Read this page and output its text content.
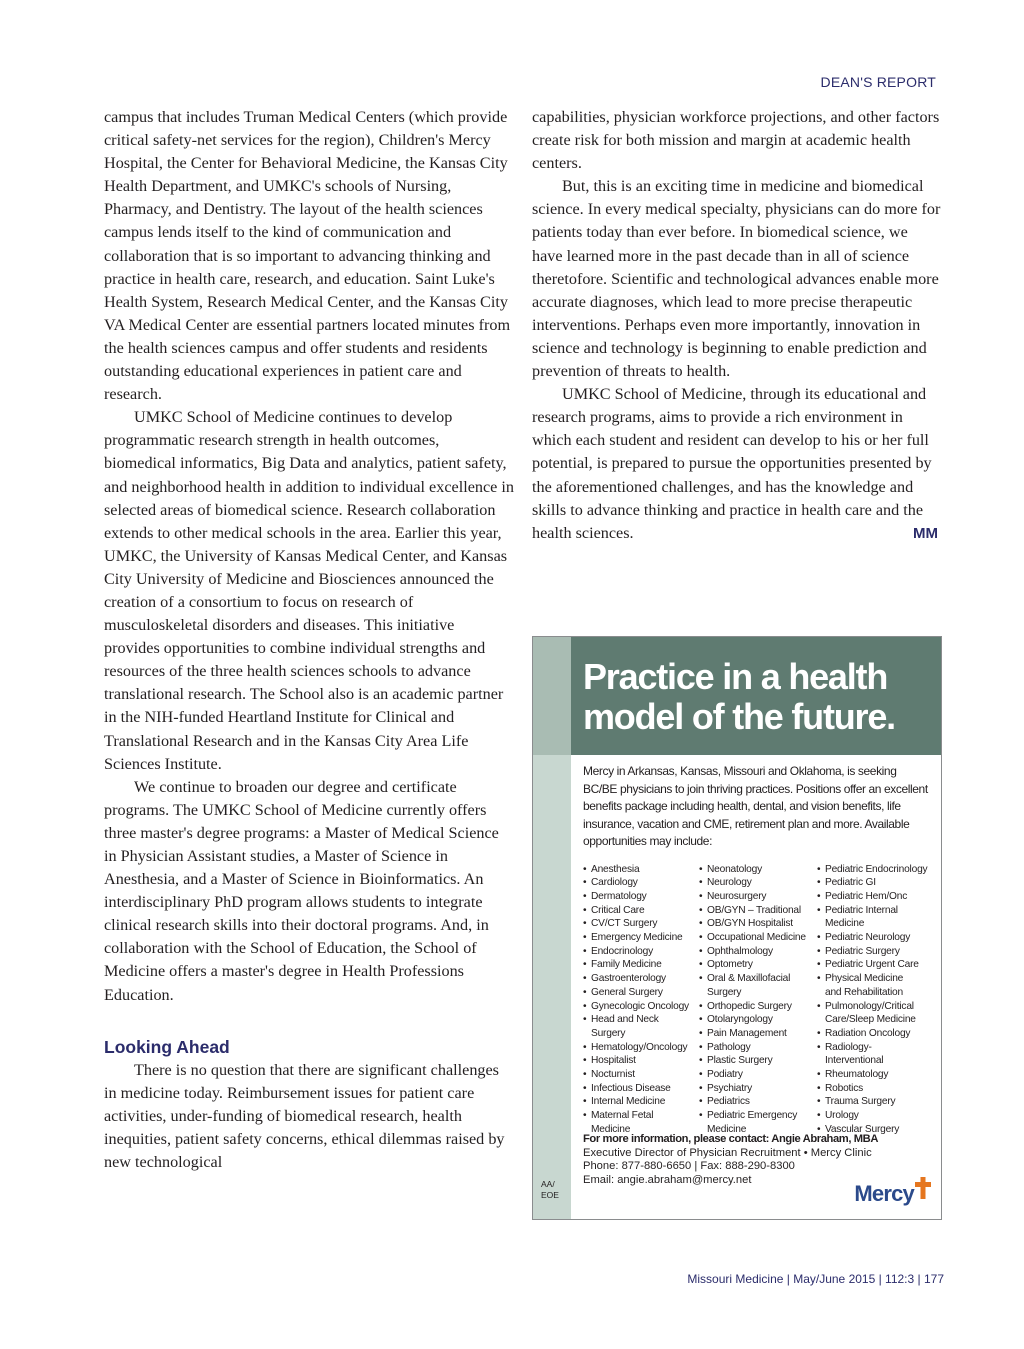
DEAN'S REPORT

campus that includes Truman Medical Centers (which provide critical safety-net services for the region), Children's Mercy Hospital, the Center for Behavioral Medicine, the Kansas City Health Department, and UMKC's schools of Nursing, Pharmacy, and Dentistry. The layout of the health sciences campus lends itself to the kind of communication and collaboration that is so important to advancing thinking and practice in health care, research, and education. Saint Luke's Health System, Research Medical Center, and the Kansas City VA Medical Center are essential partners located minutes from the health sciences campus and offer students and residents outstanding educational experiences in patient care and research.

UMKC School of Medicine continues to develop programmatic research strength in health outcomes, biomedical informatics, Big Data and analytics, patient safety, and neighborhood health in addition to individual excellence in selected areas of biomedical science. Research collaboration extends to other medical schools in the area. Earlier this year, UMKC, the University of Kansas Medical Center, and Kansas City University of Medicine and Biosciences announced the creation of a consortium to focus on research of musculoskeletal disorders and diseases. This initiative provides opportunities to combine individual strengths and resources of the three health sciences schools to advance translational research. The School also is an academic partner in the NIH-funded Heartland Institute for Clinical and Translational Research and in the Kansas City Area Life Sciences Institute.

We continue to broaden our degree and certificate programs. The UMKC School of Medicine currently offers three master's degree programs: a Master of Medical Science in Physician Assistant studies, a Master of Science in Anesthesia, and a Master of Science in Bioinformatics. An interdisciplinary PhD program allows students to integrate clinical research skills into their doctoral programs. And, in collaboration with the School of Education, the School of Medicine offers a master's degree in Health Professions Education.

Looking Ahead

There is no question that there are significant challenges in medicine today. Reimbursement issues for patient care activities, under-funding of biomedical research, health inequities, patient safety concerns, ethical dilemmas raised by new technological

capabilities, physician workforce projections, and other factors create risk for both mission and margin at academic health centers.

But, this is an exciting time in medicine and biomedical science. In every medical specialty, physicians can do more for patients today than ever before. In biomedical science, we have learned more in the past decade than in all of science theretofore. Scientific and technological advances enable more accurate diagnoses, which lead to more precise therapeutic interventions. Perhaps even more importantly, innovation in science and technology is beginning to enable prediction and prevention of threats to health.

UMKC School of Medicine, through its educational and research programs, aims to provide a rich environment in which each student and resident can develop to his or her full potential, is prepared to pursue the opportunities presented by the aforementioned challenges, and has the knowledge and skills to advance thinking and practice in health care and the health sciences.	MM

Practice in a health
model of the future.

Mercy in Arkansas, Kansas, Missouri and Oklahoma, is seeking BC/BE physicians to join thriving practices. Positions offer an excellent benefits package including health, dental, and vision benefits, life insurance, vacation and CME, retirement plan and more. Available opportunities may include:

• Anesthesia
• Cardiology
• Dermatology
• Critical Care
• CV/CT Surgery
• Emergency Medicine
• Endocrinology
• Family Medicine
• Gastroenterology
• General Surgery
• Gynecologic Oncology
• Head and Neck
Surgery
• Hematology/Oncology
• Hospitalist
• Nocturnist
• Infectious Disease
• Internal Medicine
• Maternal Fetal
Medicine
• Neonatology
• Neurology
• Neurosurgery
• OB/GYN – Traditional
• OB/GYN Hospitalist
• Occupational Medicine
• Ophthalmology
• Optometry
• Oral & Maxillofacial
Surgery
• Orthopedic Surgery
• Otolaryngology
• Pain Management
• Pathology
• Plastic Surgery
• Podiatry
• Psychiatry
• Pediatrics
• Pediatric Emergency
Medicine
• Pediatric Endocrinology
• Pediatric GI
• Pediatric Hem/Onc
• Pediatric Internal
Medicine
• Pediatric Neurology
• Pediatric Surgery
• Pediatric Urgent Care
• Physical Medicine
and Rehabilitation
• Pulmonology/Critical
Care/Sleep Medicine
• Radiation Oncology
• Radiology-
Interventional
• Rheumatology
• Robotics
• Trauma Surgery
• Urology
• Vascular Surgery
For more information, please contact: Angie Abraham, MBA
Executive Director of Physician Recruitment • Mercy Clinic
Phone: 877-880-6650 | Fax: 888-290-8300
Email: angie.abraham@mercy.net
AA/
EOE	Mercy
Missouri Medicine | May/June 2015 | 112:3 | 177
